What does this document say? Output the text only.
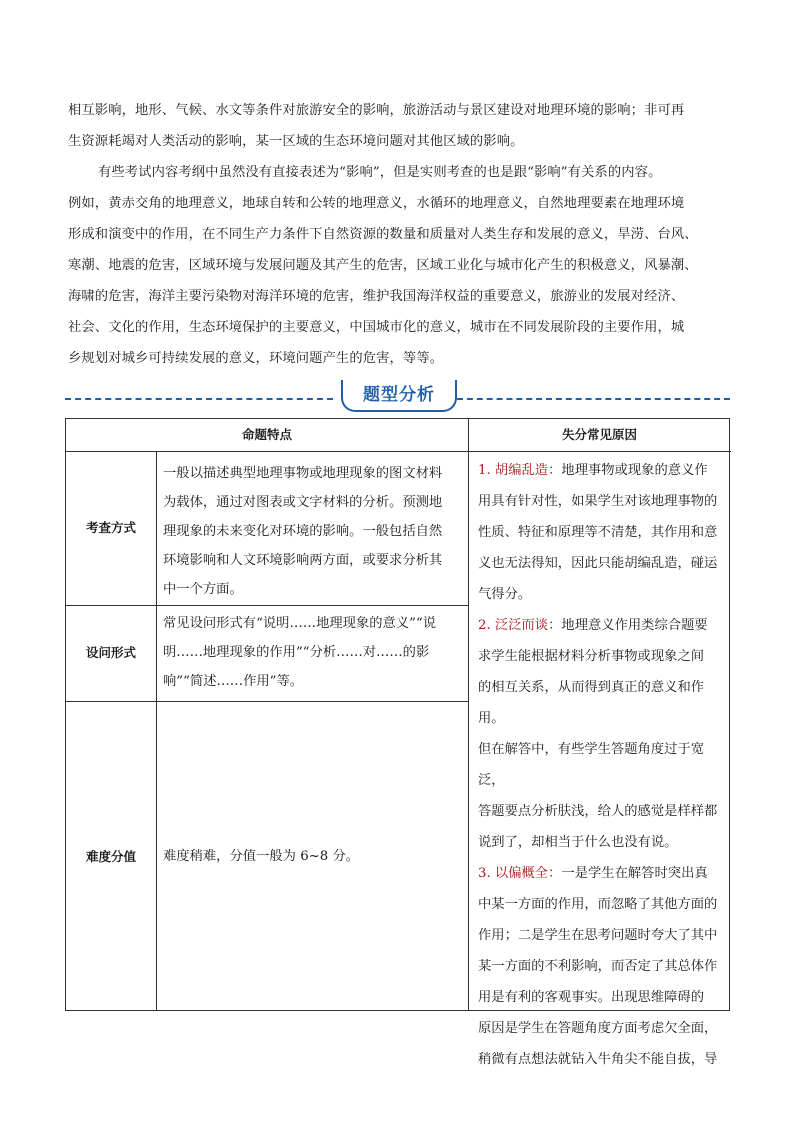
相互影响，地形、气候、水文等条件对旅游安全的影响，旅游活动与景区建设对地理环境的影响；非可再
生资源耗竭对人类活动的影响，某一区域的生态环境问题对其他区域的影响。
有些考试内容考纲中虽然没有直接表述为“影响”，但是实则考查的也是跟“影响”有关系的内容。
例如，黄赤交角的地理意义，地球自转和公转的地理意义，水循环的地理意义，自然地理要素在地理环境
形成和演变中的作用，在不同生产力条件下自然资源的数量和质量对人类生存和发展的意义，旱涝、台风、
寒潮、地震的危害，区域环境与发展问题及其产生的危害，区域工业化与城市化产生的积极意义，风暴潮、
海啸的危害，海洋主要污染物对海洋环境的危害，维护我国海洋权益的重要意义，旅游业的发展对经济、
社会、文化的作用，生态环境保护的主要意义，中国城市化的意义，城市在不同发展阶段的主要作用，城
乡规划对城乡可持续发展的意义，环境问题产生的危害，等等。
题型分析
命题特点	失分常见原因
考查方式
一般以描述典型地理事物或地理现象的图文材料
为载体，通过对图表或文字材料的分析。预测地
理现象的未来变化对环境的影响。一般包括自然
环境影响和人文环境影响两方面，或要求分析其
中一个方面。
设问形式
常见设问形式有“说明……地理现象的意义”“说
明……地理现象的作用”“分析……对……的影
响”“简述……作用”等。
难度分值	难度稍难，分值一般为 6~8 分。
1. 胡编乱造：地理事物或现象的意义作
用具有针对性，如果学生对该地理事物的
性质、特征和原理等不清楚，其作用和意
义也无法得知，因此只能胡编乱造，碰运
气得分。
2. 泛泛而谈：地理意义作用类综合题要
求学生能根据材料分析事物或现象之间
的相互关系，从而得到真正的意义和作用。
但在解答中，有些学生答题角度过于宽泛，
答题要点分析肤浅，给人的感觉是样样都
说到了，却相当于什么也没有说。
3. 以偏概全：一是学生在解答时突出真
中某一方面的作用，而忽略了其他方面的
作用；二是学生在思考问题时夸大了其中
某一方面的不利影响，而否定了其总体作
用是有利的客观事实。出现思维障碍的
原因是学生在答题角度方面考虑欠全面，
稍微有点想法就钻入牛角尖不能自拔，导
